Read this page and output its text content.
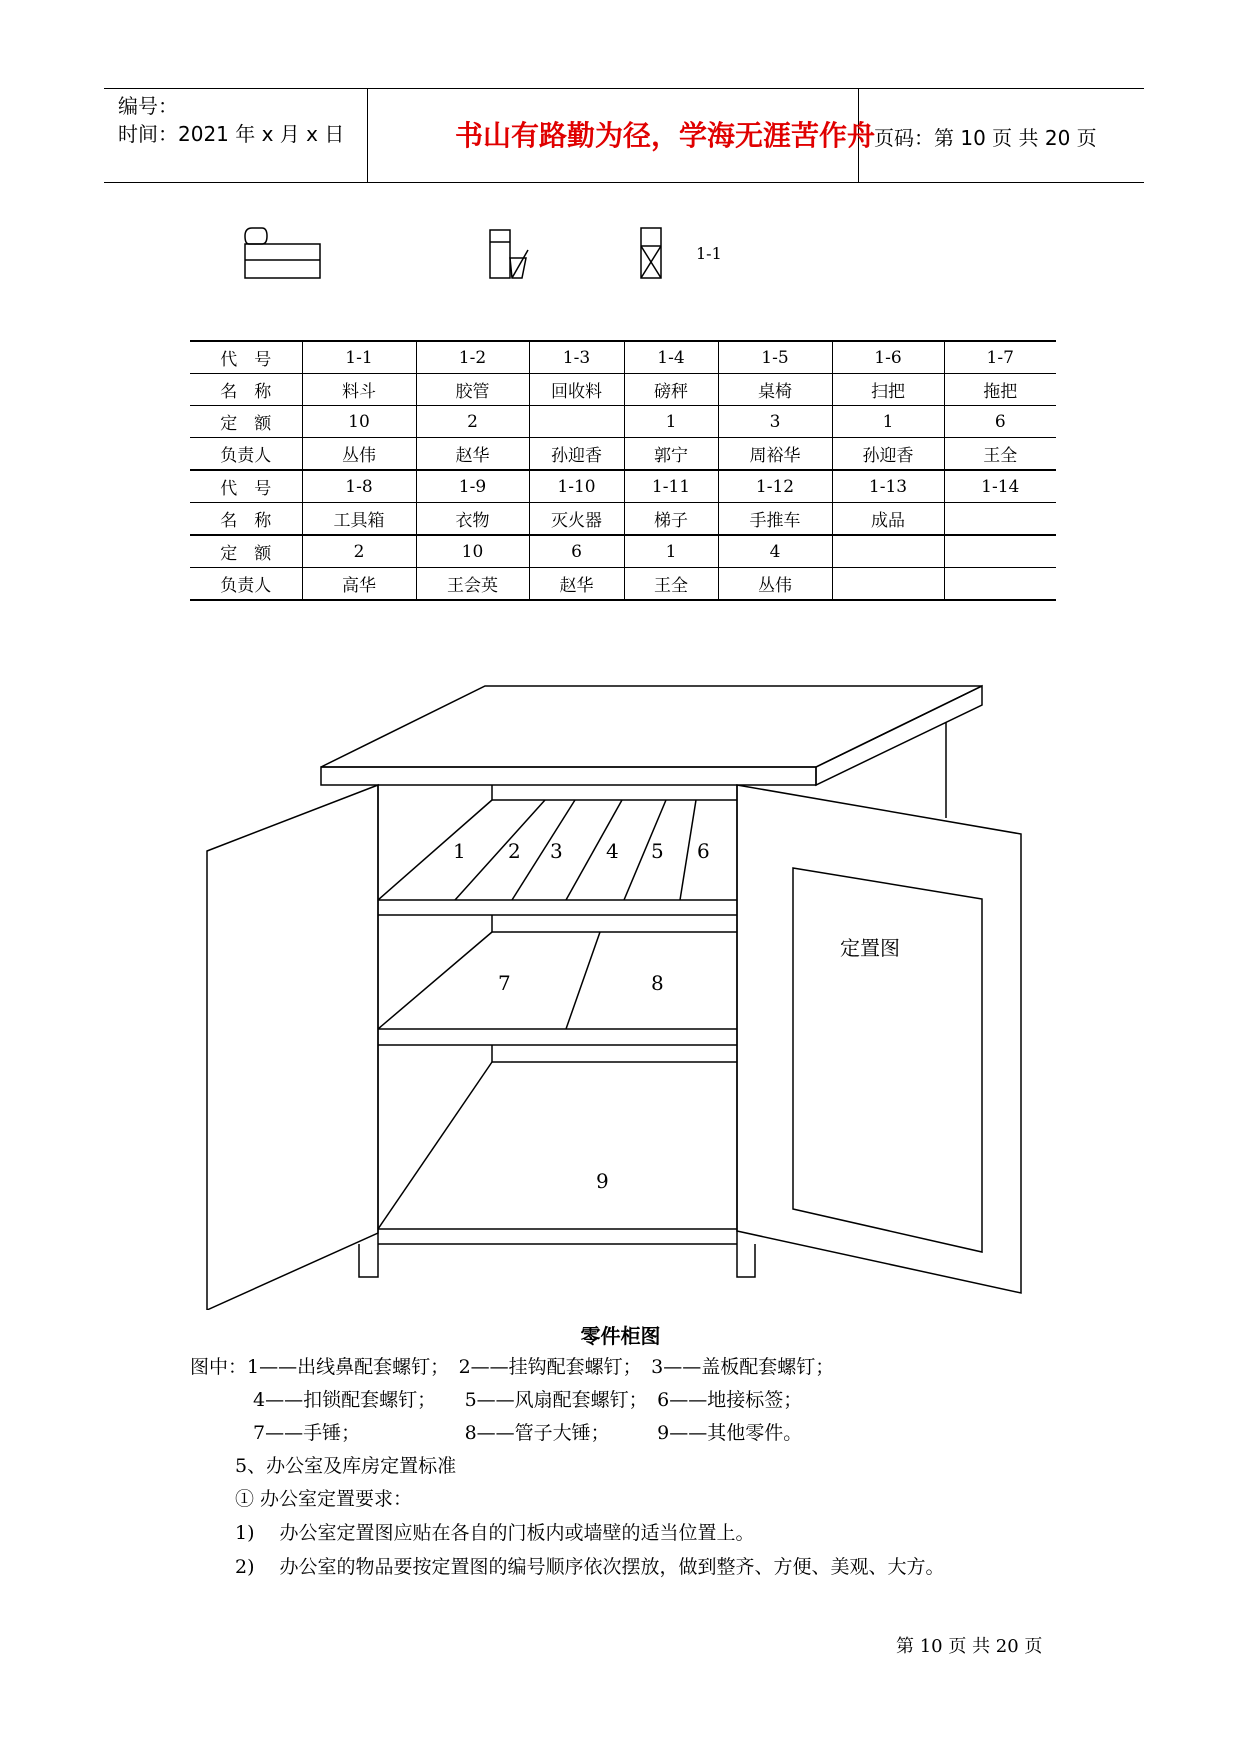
编号：
时间：2021 年 x 月 x 日	书山有路勤为径，学海无涯苦作舟 页码：第 10 页 共 20 页
1-1
代　号	1-1	1-2	1-3	1-4	1-5	1-6	1-7
名　称	料斗	胶管	回收料	磅秤	桌椅	扫把	拖把
定　额	10	2		1	3	1	6
负责人	丛伟	赵华	孙迎香	郭宁	周裕华	孙迎香	王全
代　号	1-8	1-9	1-10	1-11	1-12	1-13	1-14
名　称	工具箱	衣物	灭火器	梯子	手推车	成品	
定　额	2	10	6	1	4		
负责人	高华	王会英	赵华	王全	丛伟		
1 2 3 4 5 6
7	8
9
定置图
零件柜图
图中：1——出线鼻配套螺钉；　2——挂钩配套螺钉；　3——盖板配套螺钉；
4——扣锁配套螺钉；　　5——风扇配套螺钉；　6——地接标签；
7——手锤；　　　　　　8——管子大锤；　　　9——其他零件。
5、办公室及库房定置标准
① 办公室定置要求：
1)　 办公室定置图应贴在各自的门板内或墙壁的适当位置上。
2)　 办公室的物品要按定置图的编号顺序依次摆放，做到整齐、方便、美观、大方。
第 10 页 共 20 页
